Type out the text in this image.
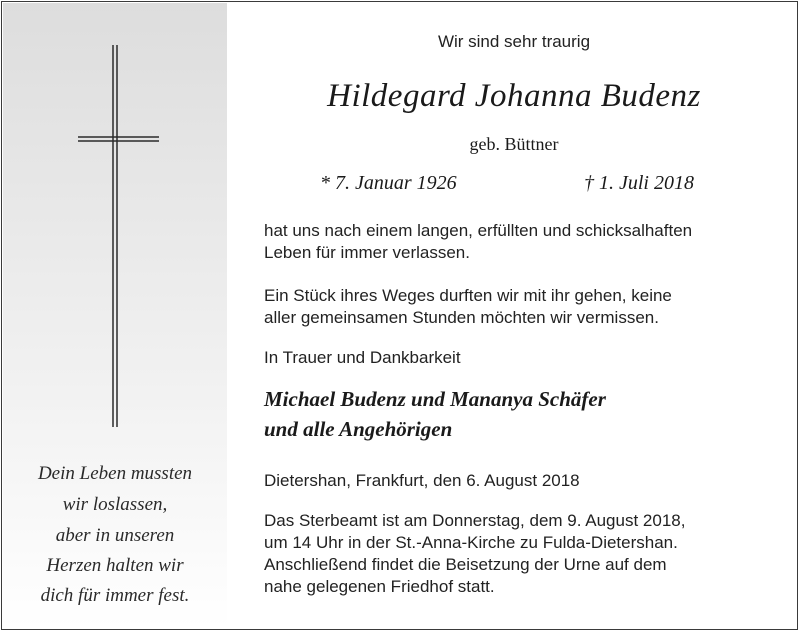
Dein Leben mussten
wir loslassen,
aber in unseren
Herzen halten wir
dich für immer fest.
Wir sind sehr traurig
Hildegard Johanna Budenz
geb. Büttner
* 7. Januar 1926	† 1. Juli 2018
hat uns nach einem langen, erfüllten und schicksalhaften
Leben für immer verlassen.
Ein Stück ihres Weges durften wir mit ihr gehen, keine
aller gemeinsamen Stunden möchten wir vermissen.
In Trauer und Dankbarkeit
Michael Budenz und Mananya Schäfer
und alle Angehörigen
Dietershan, Frankfurt, den 6. August 2018
Das Sterbeamt ist am Donnerstag, dem 9. August 2018,
um 14 Uhr in der St.-Anna-Kirche zu Fulda-Dietershan.
Anschließend findet die Beisetzung der Urne auf dem
nahe gelegenen Friedhof statt.
